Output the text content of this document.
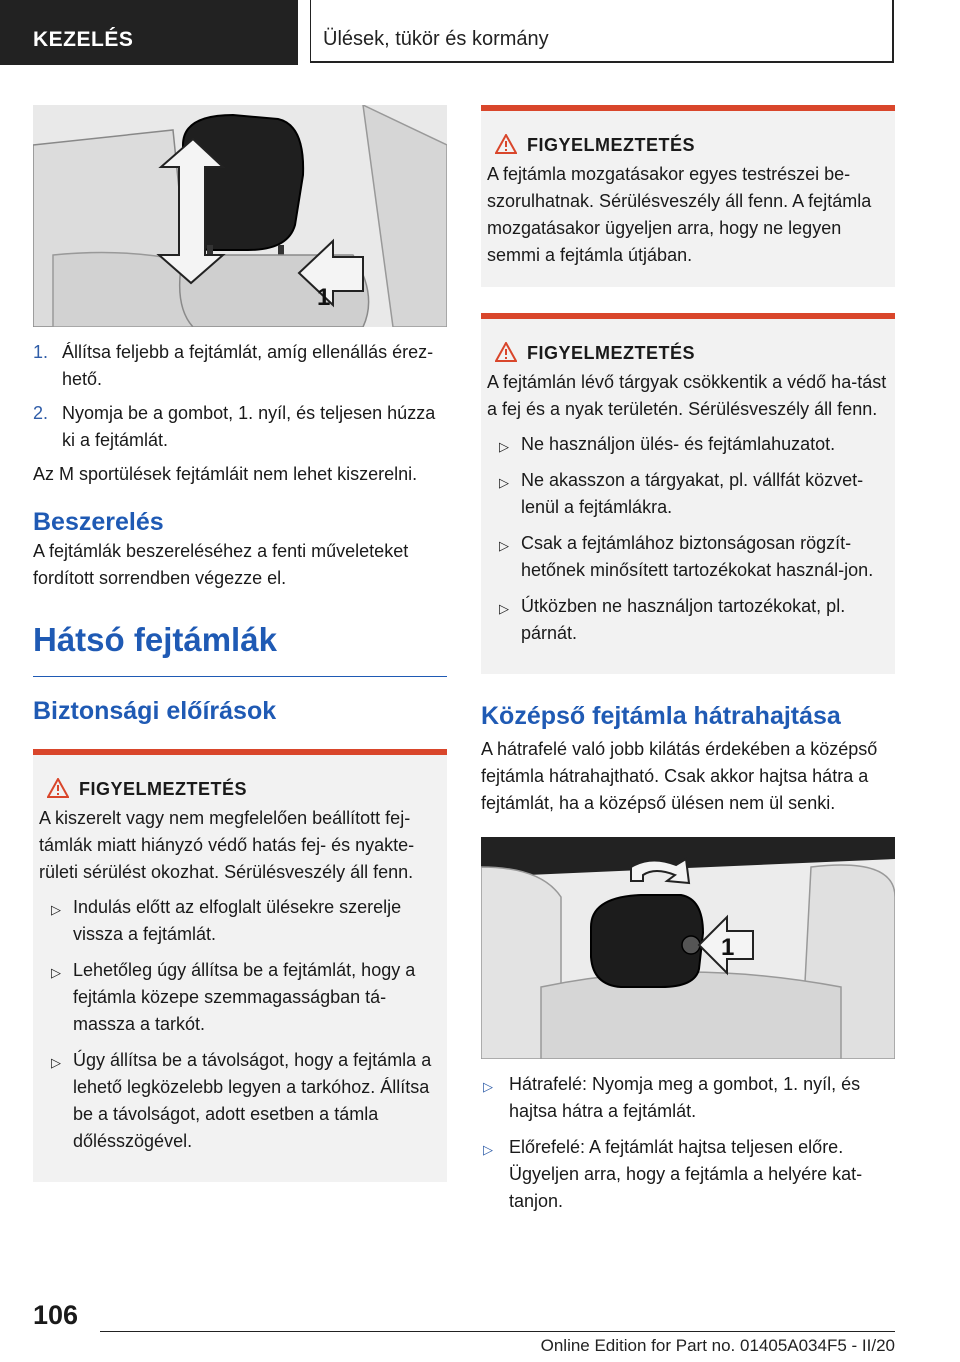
KEZELÉS	Ülések, tükör és kormány
1
1. Állítsa feljebb a fejtámlát, amíg ellenállás érez-hető.
2. Nyomja be a gombot, 1. nyíl, és teljesen húzza ki a fejtámlát.

Az M sportülések fejtámláit nem lehet kiszerelni.

Beszerelés

A fejtámlák beszereléséhez a fenti műveleteket fordított sorrendben végezze el.

Hátsó fejtámlák
Biztonsági előírások
FIGYELMEZTETÉS

A kiszerelt vagy nem megfelelően beállított fej-támlák miatt hiányzó védő hatás fej- és nyakte-rületi sérülést okozhat. Sérülésveszély áll fenn.

▷ Indulás előtt az elfoglalt ülésekre szerelje vissza a fejtámlát.
▷ Lehetőleg úgy állítsa be a fejtámlát, hogy a fejtámla közepe szemmagasságban tá-massza a tarkót.
▷ Úgy állítsa be a távolságot, hogy a fejtámla a lehető legközelebb legyen a tarkóhoz. Állítsa be a távolságot, adott esetben a támla dőlésszögével.
FIGYELMEZTETÉS

A fejtámla mozgatásakor egyes testrészei be-szorulhatnak. Sérülésveszély áll fenn. A fejtámla mozgatásakor ügyeljen arra, hogy ne legyen semmi a fejtámla útjában.

FIGYELMEZTETÉS

A fejtámlán lévő tárgyak csökkentik a védő ha-tást a fej és a nyak területén. Sérülésveszély áll fenn.

▷ Ne használjon ülés- és fejtámlahuzatot.
▷ Ne akasszon a tárgyakat, pl. vállfát közvet-lenül a fejtámlákra.
▷ Csak a fejtámlához biztonságosan rögzít-hetőnek minősített tartozékokat használ-jon.
▷ Útközben ne használjon tartozékokat, pl. párnát.
Középső fejtámla hátrahajtása

A hátrafelé való jobb kilátás érdekében a középső fejtámla hátrahajtható. Csak akkor hajtsa hátra a fejtámlát, ha a középső ülésen nem ül senki.

1
▷ Hátrafelé: Nyomja meg a gombot, 1. nyíl, és hajtsa hátra a fejtámlát.
▷ Előrefelé: A fejtámlát hajtsa teljesen előre. Ügyeljen arra, hogy a fejtámla a helyére kat-tanjon.
106
Online Edition for Part no. 01405A034F5 - II/20
